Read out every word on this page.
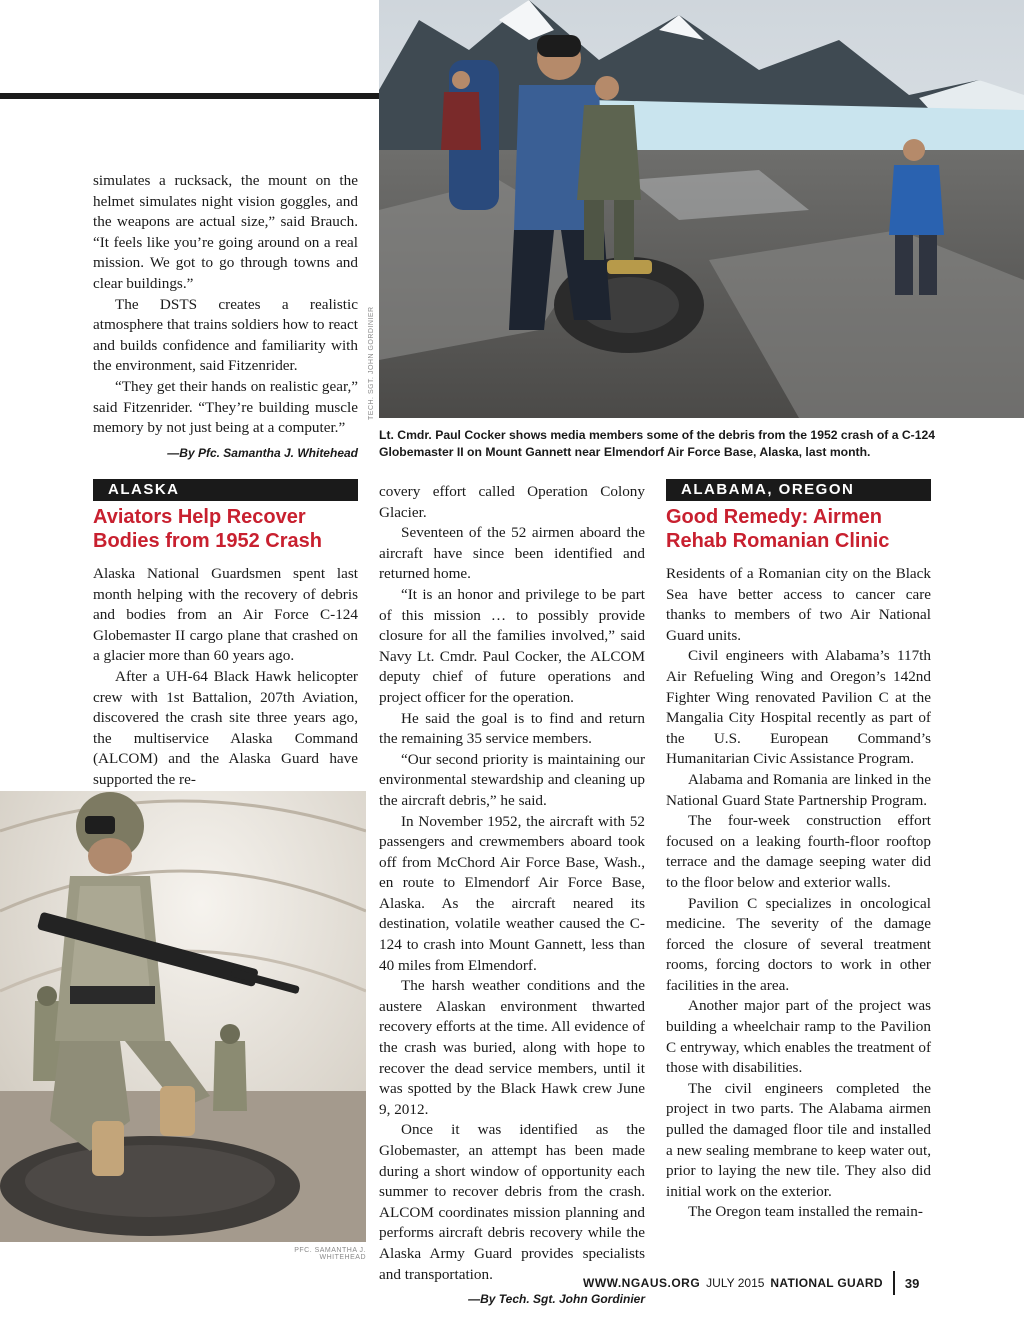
simulates a rucksack, the mount on the helmet simulates night vision goggles, and the weapons are actual size,” said Brauch. “It feels like you’re going around on a real mission. We got to go through towns and clear buildings.”

The DSTS creates a realistic atmosphere that trains soldiers how to react and builds confidence and familiarity with the environment, said Fitzenrider.

“They get their hands on realistic gear,” said Fitzenrider. “They’re building muscle memory by not just being at a computer.”

—By Pfc. Samantha J. Whitehead
TECH. SGT. JOHN GORDINIER
Lt. Cmdr. Paul Cocker shows media members some of the debris from the 1952 crash of a C-124 Globemaster II on Mount Gannett near Elmendorf Air Force Base, Alaska, last month.
ALASKA
Aviators Help Recover Bodies from 1952 Crash

Alaska National Guardsmen spent last month helping with the recovery of debris and bodies from an Air Force C-124 Globemaster II cargo plane that crashed on a glacier more than 60 years ago.

After a UH-64 Black Hawk helicopter crew with 1st Battalion, 207th Aviation, discovered the crash site three years ago, the multiservice Alaska Command (ALCOM) and the Alaska Guard have supported the re-

PFC. SAMANTHA J. WHITEHEAD

covery effort called Operation Colony Glacier.

Seventeen of the 52 airmen aboard the aircraft have since been identified and returned home.

“It is an honor and privilege to be part of this mission … to possibly provide closure for all the families involved,” said Navy Lt. Cmdr. Paul Cocker, the ALCOM deputy chief of future operations and project officer for the operation.

He said the goal is to find and return the remaining 35 service members.

“Our second priority is maintaining our environmental stewardship and cleaning up the aircraft debris,” he said.

In November 1952, the aircraft with 52 passengers and crewmembers aboard took off from McChord Air Force Base, Wash., en route to Elmendorf Air Force Base, Alaska. As the aircraft neared its destination, volatile weather caused the C-124 to crash into Mount Gannett, less than 40 miles from Elmendorf.

The harsh weather conditions and the austere Alaskan environment thwarted recovery efforts at the time. All evidence of the crash was buried, along with hope to recover the dead service members, until it was spotted by the Black Hawk crew June 9, 2012.

Once it was identified as the Globemaster, an attempt has been made during a short window of opportunity each summer to recover debris from the crash. ALCOM coordinates mission planning and performs aircraft debris recovery while the Alaska Army Guard provides specialists and transportation.

—By Tech. Sgt. John Gordinier
ALABAMA, OREGON
Good Remedy: Airmen Rehab Romanian Clinic

Residents of a Romanian city on the Black Sea have better access to cancer care thanks to members of two Air National Guard units.

Civil engineers with Alabama’s 117th Air Refueling Wing and Oregon’s 142nd Fighter Wing renovated Pavilion C at the Mangalia City Hospital recently as part of the U.S. European Command’s Humanitarian Civic Assistance Program.

Alabama and Romania are linked in the National Guard State Partnership Program.

The four-week construction effort focused on a leaking fourth-floor rooftop terrace and the damage seeping water did to the floor below and exterior walls.

Pavilion C specializes in oncological medicine. The severity of the damage forced the closure of several treatment rooms, forcing doctors to work in other facilities in the area.

Another major part of the project was building a wheelchair ramp to the Pavilion C entryway, which enables the treatment of those with disabilities.

The civil engineers completed the project in two parts. The Alabama airmen pulled the damaged floor tile and installed a new sealing membrane to keep water out, prior to laying the new tile. They also did initial work on the exterior.

The Oregon team installed the remain-

WWW.NGAUS.ORG JULY 2015 NATIONAL GUARD 39
